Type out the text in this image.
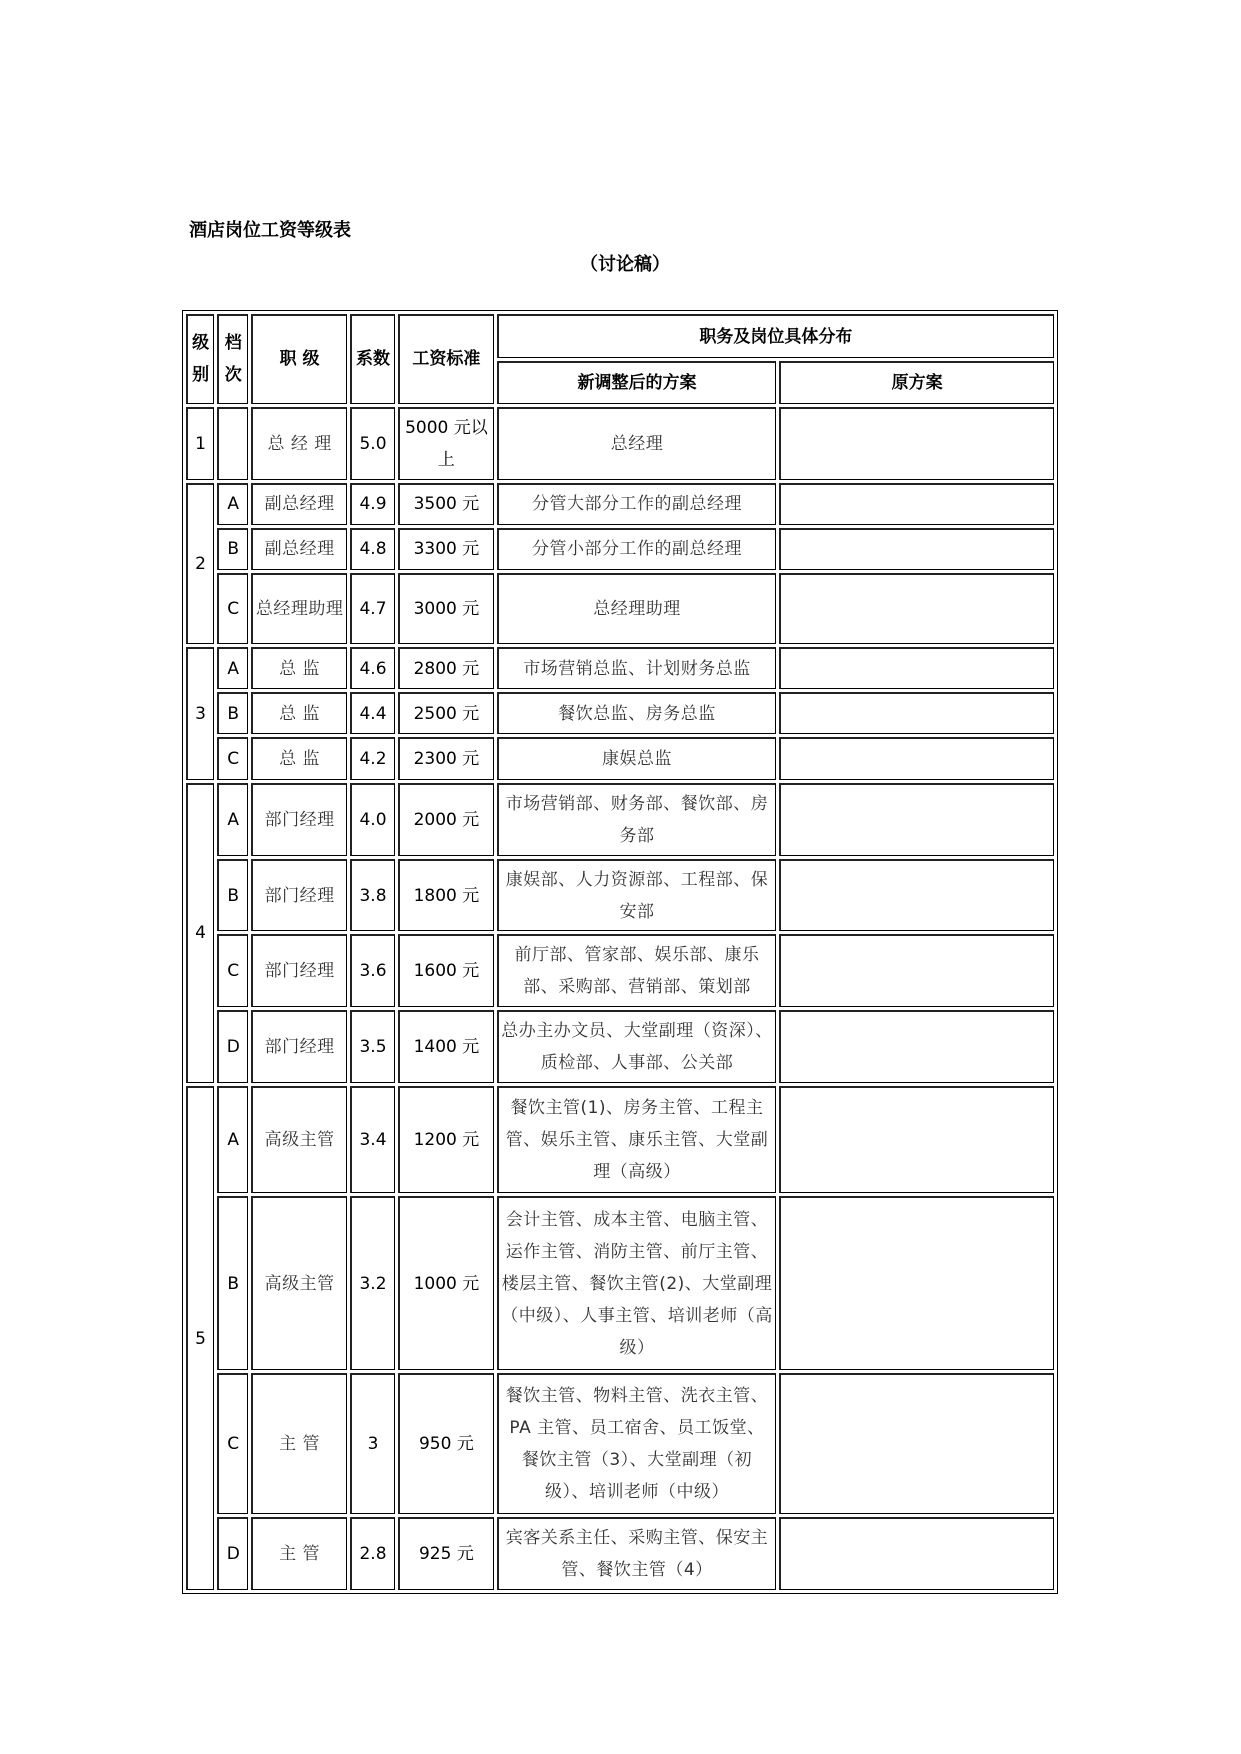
酒店岗位工资等级表
（讨论稿）
级别	档次	职 级	系数	工资标准	职务及岗位具体分布	
					新调整后的方案	原方案
1		总 经 理	5.0	5000 元以上	总经理	
2	A	副总经理	4.9	3500 元	分管大部分工作的副总经理	
	B	副总经理	4.8	3300 元	分管小部分工作的副总经理	
	C	总经理助理	4.7	3000 元	总经理助理	
3	A	总 监	4.6	2800 元	市场营销总监、计划财务总监	
	B	总 监	4.4	2500 元	餐饮总监、房务总监	
	C	总 监	4.2	2300 元	康娱总监	
4	A	部门经理	4.0	2000 元	市场营销部、财务部、餐饮部、房务部	
	B	部门经理	3.8	1800 元	康娱部、人力资源部、工程部、保安部	
	C	部门经理	3.6	1600 元	前厅部、管家部、娱乐部、康乐部、采购部、营销部、策划部	
	D	部门经理	3.5	1400 元	总办主办文员、大堂副理（资深）、质检部、人事部、公关部	
5	A	高级主管	3.4	1200 元	餐饮主管(1)、房务主管、工程主管、娱乐主管、康乐主管、大堂副理（高级）	
	B	高级主管	3.2	1000 元	会计主管、成本主管、电脑主管、运作主管、消防主管、前厅主管、楼层主管、餐饮主管(2)、大堂副理（中级）、人事主管、培训老师（高级）	
	C	主 管	3	950 元	餐饮主管、物料主管、洗衣主管、PA 主管、员工宿舍、员工饭堂、餐饮主管（3）、大堂副理（初级）、培训老师（中级）	
	D	主 管	2.8	925 元	宾客关系主任、采购主管、保安主管、餐饮主管（4）	
